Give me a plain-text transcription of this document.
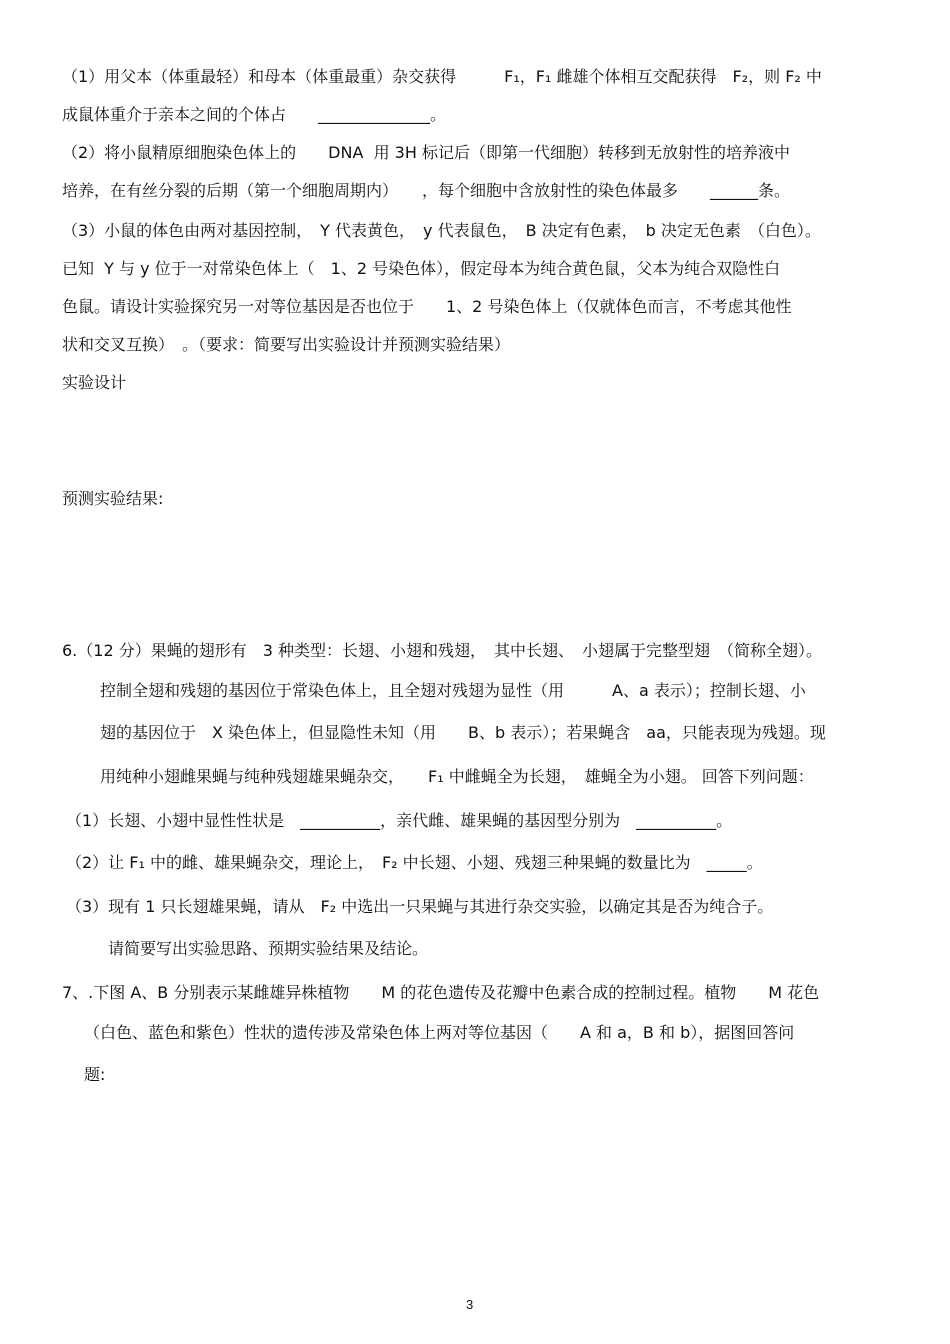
（1）用父本（体重最轻）和母本（体重最重）杂交获得　　　F₁，F₁ 雌雄个体相互交配获得　F₂，则 F₂ 中
成鼠体重介于亲本之间的个体占　　______________。
（2）将小鼠精原细胞染色体上的　　DNA  用 3H 标记后（即第一代细胞）转移到无放射性的培养液中
培养，在有丝分裂的后期（第一个细胞周期内）　　，每个细胞中含放射性的染色体最多　　______条。
（3）小鼠的体色由两对基因控制，　Y 代表黄色，　y 代表鼠色，　B 决定有色素，　b 决定无色素　（白色）。
已知  Y 与 y 位于一对常染色体上（　1、2 号染色体），假定母本为纯合黄色鼠，父本为纯合双隐性白
色鼠。请设计实验探究另一对等位基因是否也位于　　1、2 号染色体上（仅就体色而言，不考虑其他性
状和交叉互换）　。（要求：简要写出实验设计并预测实验结果）
实验设计
预测实验结果:
6.（12 分）果蝇的翅形有　3 种类型：长翅、小翅和残翅，　其中长翅、　小翅属于完整型翅　（简称全翅）。
控制全翅和残翅的基因位于常染色体上，且全翅对残翅为显性（用　　　A、a 表示）；控制长翅、小
翅的基因位于　X 染色体上，但显隐性未知（用　　B、b 表示）；若果蝇含　aa，只能表现为残翅。现
用纯种小翅雌果蝇与纯种残翅雄果蝇杂交，　　F₁ 中雌蝇全为长翅，　雄蝇全为小翅。 回答下列问题：
（1）长翅、小翅中显性性状是　__________，亲代雌、雄果蝇的基因型分别为　__________。
（2）让 F₁ 中的雌、雄果蝇杂交，理论上，　F₂ 中长翅、小翅、残翅三种果蝇的数量比为　_____。
（3）现有 1 只长翅雄果蝇，请从　F₂ 中选出一只果蝇与其进行杂交实验，以确定其是否为纯合子。
请简要写出实验思路、预期实验结果及结论。
7、.下图 A、B 分别表示某雌雄异株植物　　M 的花色遗传及花瓣中色素合成的控制过程。植物　　M 花色
（白色、蓝色和紫色）性状的遗传涉及常染色体上两对等位基因（　　A 和 a，B 和 b），据图回答问
题:
3
